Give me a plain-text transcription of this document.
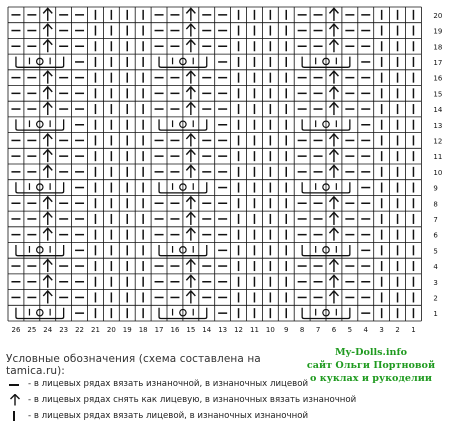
1
2
3
4
5
6
7
8
9
10
11
12
13
14
15
16
17
18
19
20
26 25 24 23 22 21 20 19 18 17 16 15 14 13 12 11 10 9 8 7 6 5 4 3 2 1
Условные обозначения (схема составлена на tamica.ru):
- в лицевых рядах вязать изнаночной, в изнаночных лицевой
- в лицевых рядах снять как лицевую, в изнаночных вязать изнаночной
- в лицевых рядах вязать лицевой, в изнаночных изнаночной
My-Dolls.info
сайт Ольги Портновой
о куклах и рукоделии
